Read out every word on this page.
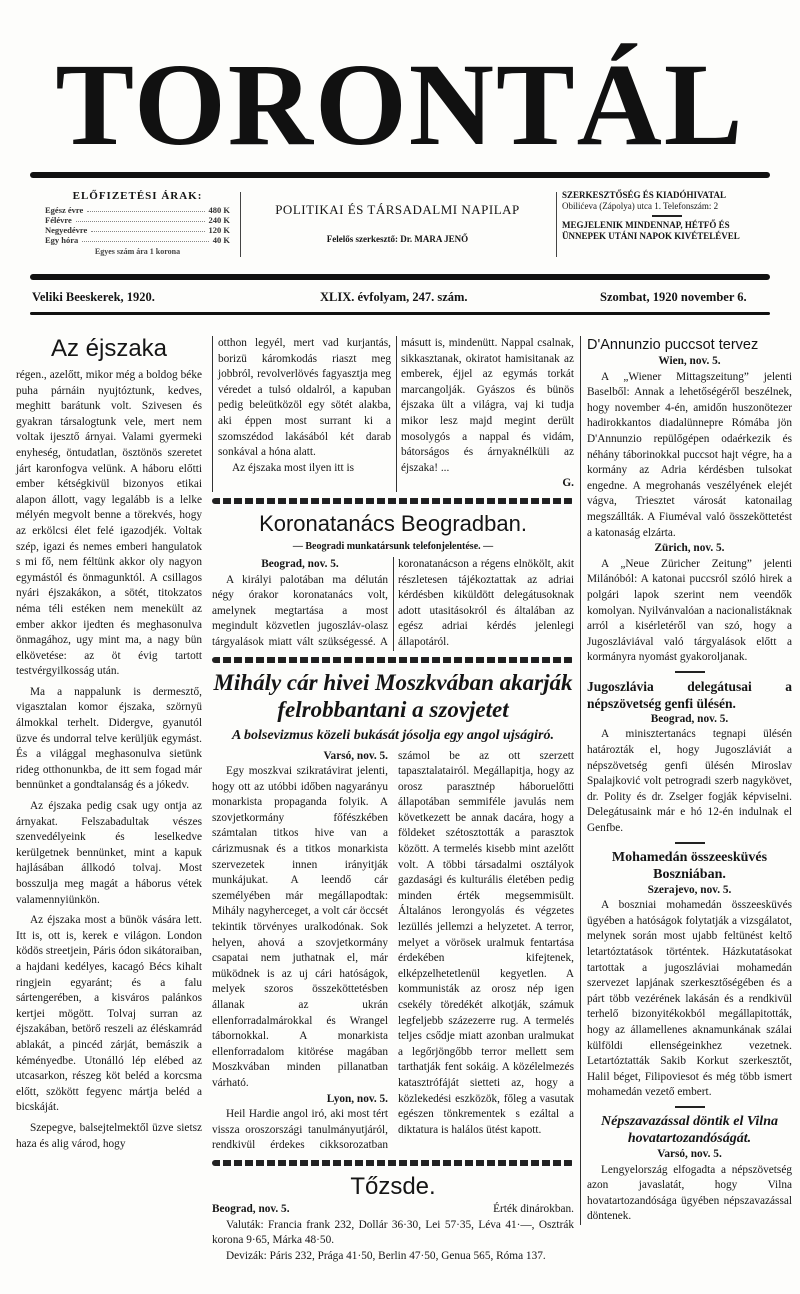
TORONTÁL
ELŐFIZETÉSI ÁRAK:
Egész évre	480 K
Félévre	240 K
Negyedévre	120 K
Egy hóra	40 K
Egyes szám ára 1 korona
POLITIKAI ÉS TÁRSADALMI NAPILAP
Felelős szerkesztő: Dr. MARA JENŐ
SZERKESZTŐSÉG ÉS KIADÓHIVATAL
Obilićeva (Zápolya) utca 1. Telefonszám: 2
MEGJELENIK MINDENNAP, HÉTFŐ ÉS
ÜNNEPEK UTÁNI NAPOK KIVÉTELÉVEL
Veliki Beeskerek, 1920.	XLIX. évfolyam, 247. szám.	Szombat, 1920 november 6.
Az éjszaka

régen., azelőtt, mikor még a boldog béke puha párnáin nyujtóztunk, kedves, meghitt barátunk volt. Szivesen és gyakran társalogtunk vele, mert nem voltak ijesztő árnyai. Valami gyermeki enyheség, öntudatlan, ösztönös szeretet járt karonfogva velünk. A háboru előtti ember kétségkivül bizonyos etikai alapon állott, vagy legalább is a lelke mélyén megvolt benne a törekvés, hogy az erkölcsi élet felé igazodjék. Voltak szép, igazi és nemes emberi hangulatok s mi fő, nem féltünk akkor oly nagyon egymástól és önmagunktól. A csillagos nyári éjszakákon, a sötét, titokzatos néma téli estéken nem menekült az ember akkor ijedten és meghasonulva önmagához, ugy mint ma, a nagy bün elkövetése: az öt évig tartott testvérgyilkosság után.

Ma a nappalunk is dermesztő, vigasztalan komor éjszaka, szörnyü álmokkal terhelt. Didergve, gyanutól üzve és undorral telve kerüljük egymást. És a világgal meghasonulva sietünk rideg otthonunkba, de itt sem fogad már bennünket a gondtalanság és a jókedv.

Az éjszaka pedig csak ugy ontja az árnyakat. Felszabadultak vészes szenvedélyeink és leselkedve kerülgetnek bennünket, mint a kapuk hajlásában állkodó tolvaj. Most bosszulja meg magát a háborus vétek valamennyiünkön.

Az éjszaka most a bünök vására lett. Itt is, ott is, kerek e világon. London ködös streetjein, Páris ódon sikátoraiban, a hajdani kedélyes, kacagó Bécs kihalt ringjein egyaránt; és a falu sártengerében, a kisváros palánkos kertjei mögött. Tolvaj surran az éjszakában, betörő reszeli az éléskamrád ablakát, a pincéd zárját, bemászik a kéményedbe. Utonálló lép elébed az utcasarkon, részeg köt beléd a korcsma előtt, szökött fegyenc mártja beléd a bicskáját.

Szepegve, balsejtelmektől üzve sietsz haza és alig várod, hogy

otthon legyél, mert vad kurjantás, borizü káromkodás riaszt meg jobbról, revolverlövés fagyasztja meg véredet a tulsó oldalról, a kapuban pedig beleütközöl egy sötét alakba, aki éppen most surrant ki a szomszédod lakásából két darab sonkával a hóna alatt.

Az éjszaka most ilyen itt is

másutt is, mindenütt. Nappal csalnak, sikkasztanak, okiratot hamisitanak az emberek, éjjel az egymás torkát marcangolják. Gyászos és bünös éjszaka ült a világra, vaj ki tudja mikor lesz majd megint derült mosolygós a nappal és vidám, bátorságos és árnyaknélküli az éjszaka! ...

G.
Koronatanács Beogradban.
— Beogradi munkatársunk telefonjelentése. —
Beograd, nov. 5.

A királyi palotában ma délután négy órakor koronatanács volt, amelynek megtartása a most megindult közvetlen jugoszláv-olasz tárgyalások miatt vált szükségessé. A koronatanácson a régens elnökölt, akit részletesen tájékoztattak az adriai kérdésben kiküldött delegátusoknak adott utasitásokról és általában az egész adriai kérdés jelenlegi állapotáról.

Mihály cár hivei Moszkvában akarják felrobbantani a szovjetet
A bolsevizmus közeli bukását jósolja egy angol ujságiró.
Varsó, nov. 5.

Egy moszkvai szikratávirat jelenti, hogy ott az utóbbi időben nagyarányu monarkista propaganda folyik. A szovjetkormány főfészkében számtalan titkos hive van a cárizmusnak és a titkos monarkista szervezetek innen irányitják munkájukat. A leendő cár személyében már megállapodtak: Mihály nagyherceget, a volt cár öccsét tekintik törvényes uralkodónak. Sok helyen, ahová a szovjetkormány csapatai nem juthatnak el, már müködnek is az uj cári hatóságok, melyek szoros összeköttetésben állanak az ukrán ellenforradalmárokkal és Wrangel tábornokkal. A monarkista ellenforradalom kitörése magában Moszkvában minden pillanatban várható.

Lyon, nov. 5.

Heil Hardie angol iró, aki most tért vissza oroszországi tanulmányutjáról, rendkivül érdekes cikksorozatban számol be az ott szerzett tapasztalatairól. Megállapitja, hogy az orosz parasztnép háboruelőtti állapotában semmiféle javulás nem következett be annak dacára, hogy a földeket szétosztották a parasztok között. A termelés kisebb mint azelőtt volt. A többi társadalmi osztályok gazdasági és kulturális életében pedig minden érték megsemmisült. Általános lerongyolás és végzetes lezüllés jellemzi a helyzetet. A terror, melyet a vörösek uralmuk fentartása érdekében kifejtenek, elképzelhetetlenül kegyetlen. A kommunisták az orosz nép igen csekély töredékét alkotják, számuk legfeljebb százezerre rug. A termelés teljes csődje miatt azonban uralmukat a legőrjöngőbb terror mellett sem tarthatják fent sokáig. A közélelmezés katasztrófáját sietteti az, hogy a közlekedési eszközök, főleg a vasutak egészen tönkrementek s ezáltal a diktatura is halálos ütést kapott.

Tőzsde.
Beograd, nov. 5.	Érték dinárokban.

Valuták: Francia frank 232, Dollár 36·30, Lei 57·35, Léva 41·—, Osztrák korona 9·65, Márka 48·50.

Devizák: Páris 232, Prága 41·50, Berlin 47·50, Genua 565, Róma 137.

D'Annunzio puccsot tervez
Wien, nov. 5.

A „Wiener Mittagszeitung” jelenti Baselből: Annak a lehetőségéről beszélnek, hogy november 4-én, amidőn huszonötezer hadirokkantos diadalünnepre Rómába jön D'Annunzio repülőgépen odaérkezik és néhány táborinokkal puccsot hajt végre, ha a kormány az Adria kérdésben tulsokat engedne. A megrohanás veszélyének elejét vágva, Triesztet városát katonailag megszállták. A Fiuméval való összeköttetést a katonaság elzárta.

Zürich, nov. 5.

A „Neue Züricher Zeitung” jelenti Milánóból: A katonai puccsról szóló hirek a polgári lapok szerint nem veendők komolyan. Nyilvánvalóan a nacionalistáknak arról a kisérletéről van szó, hogy a Jugoszláviával való tárgyalások előtt a kormányra nyomást gyakoroljanak.

Jugoszlávia delegátusai a népszövetség genfi ülésén.
Beograd, nov. 5.

A minisztertanács tegnapi ülésén határozták el, hogy Jugoszláviát a népszövetség genfi ülésén Miroslav Spalajković volt petrogradi szerb nagykövet, dr. Polity és dr. Zselger fogják képviselni. Delegátusaink már e hó 12-én indulnak el Genfbe.

Mohamedán összeesküvés Boszniában.
Szerajevo, nov. 5.

A boszniai mohamedán összeesküvés ügyében a hatóságok folytatják a vizsgálatot, melynek során most ujabb feltünést keltő letartóztatások történtek. Házkutatásokat tartottak a jugoszláviai mohamedán szervezet lapjának szerkesztőségében és a párt több vezérének lakásán és a rendkivül terhelő bizonyitékokból megállapitották, hogy az államellenes aknamunkának szálai külföldi ellenségeinkhez vezetnek. Letartóztatták Sakib Korkut szerkesztőt, Halil béget, Filipoviesot és még több ismert mohamedán vezető embert.

Népszavazással döntik el Vilna hovatartozandóságát.
Varsó, nov. 5.

Lengyelország elfogadta a népszövetség azon javaslatát, hogy Vilna hovatartozandósága ügyében népszavazással döntenek.
